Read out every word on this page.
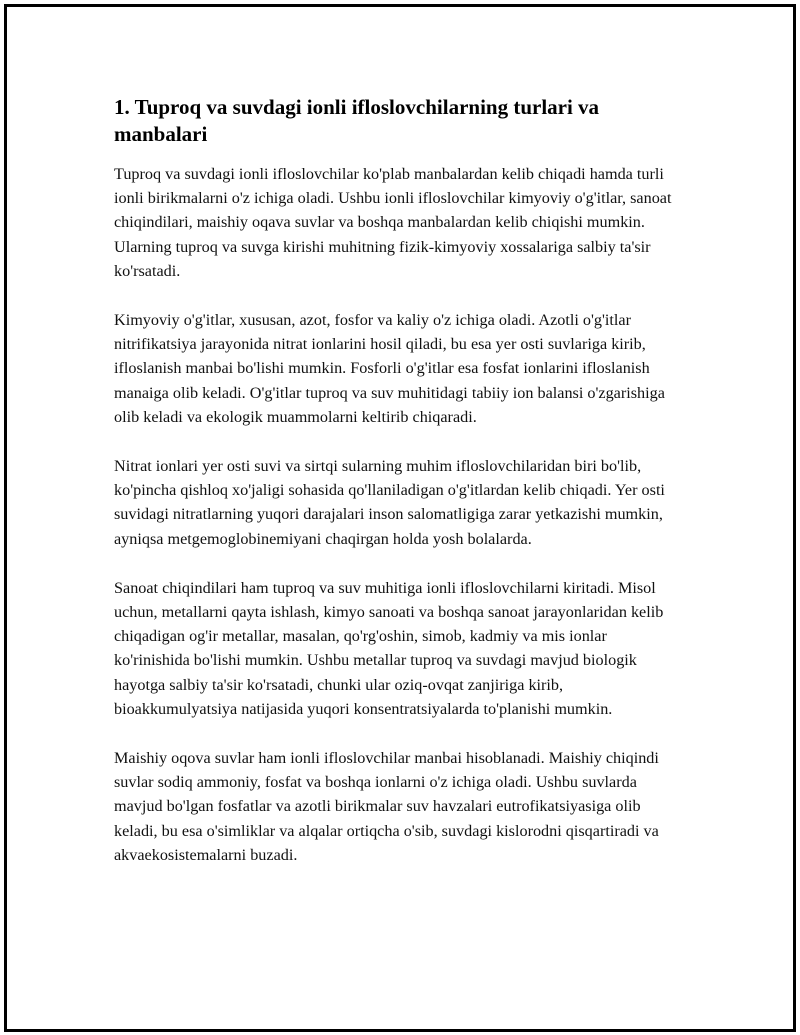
1. Tuproq va suvdagi ionli ifloslovchilarning turlari va manbalari

Tuproq va suvdagi ionli ifloslovchilar ko'plab manbalardan kelib chiqadi hamda turli ionli birikmalarni o'z ichiga oladi. Ushbu ionli ifloslovchilar kimyoviy o'g'itlar, sanoat chiqindilari, maishiy oqava suvlar va boshqa manbalardan kelib chiqishi mumkin. Ularning tuproq va suvga kirishi muhitning fizik-kimyoviy xossalariga salbiy ta'sir ko'rsatadi.

Kimyoviy o'g'itlar, xususan, azot, fosfor va kaliy o'z ichiga oladi. Azotli o'g'itlar nitrifikatsiya jarayonida nitrat ionlarini hosil qiladi, bu esa yer osti suvlariga kirib, ifloslanish manbai bo'lishi mumkin. Fosforli o'g'itlar esa fosfat ionlarini ifloslanish manaiga olib keladi. O'g'itlar tuproq va suv muhitidagi tabiiy ion balansi o'zgarishiga olib keladi va ekologik muammolarni keltirib chiqaradi.

Nitrat ionlari yer osti suvi va sirtqi sularning muhim ifloslovchilaridan biri bo'lib, ko'pincha qishloq xo'jaligi sohasida qo'llaniladigan o'g'itlardan kelib chiqadi. Yer osti suvidagi nitratlarning yuqori darajalari inson salomatligiga zarar yetkazishi mumkin, ayniqsa metgemoglobinemiyani chaqirgan holda yosh bolalarda.

Sanoat chiqindilari ham tuproq va suv muhitiga ionli ifloslovchilarni kiritadi. Misol uchun, metallarni qayta ishlash, kimyo sanoati va boshqa sanoat jarayonlaridan kelib chiqadigan og'ir metallar, masalan, qo'rg'oshin, simob, kadmiy va mis ionlar ko'rinishida bo'lishi mumkin. Ushbu metallar tuproq va suvdagi mavjud biologik hayotga salbiy ta'sir ko'rsatadi, chunki ular oziq-ovqat zanjiriga kirib, bioakkumulyatsiya natijasida yuqori konsentratsiyalarda to'planishi mumkin.

Maishiy oqova suvlar ham ionli ifloslovchilar manbai hisoblanadi. Maishiy chiqindi suvlar sodiq ammoniy, fosfat va boshqa ionlarni o'z ichiga oladi. Ushbu suvlarda mavjud bo'lgan fosfatlar va azotli birikmalar suv havzalari eutrofikatsiyasiga olib keladi, bu esa o'simliklar va alqalar ortiqcha o'sib, suvdagi kislorodni qisqartiradi va akvaekosistemalarni buzadi.
